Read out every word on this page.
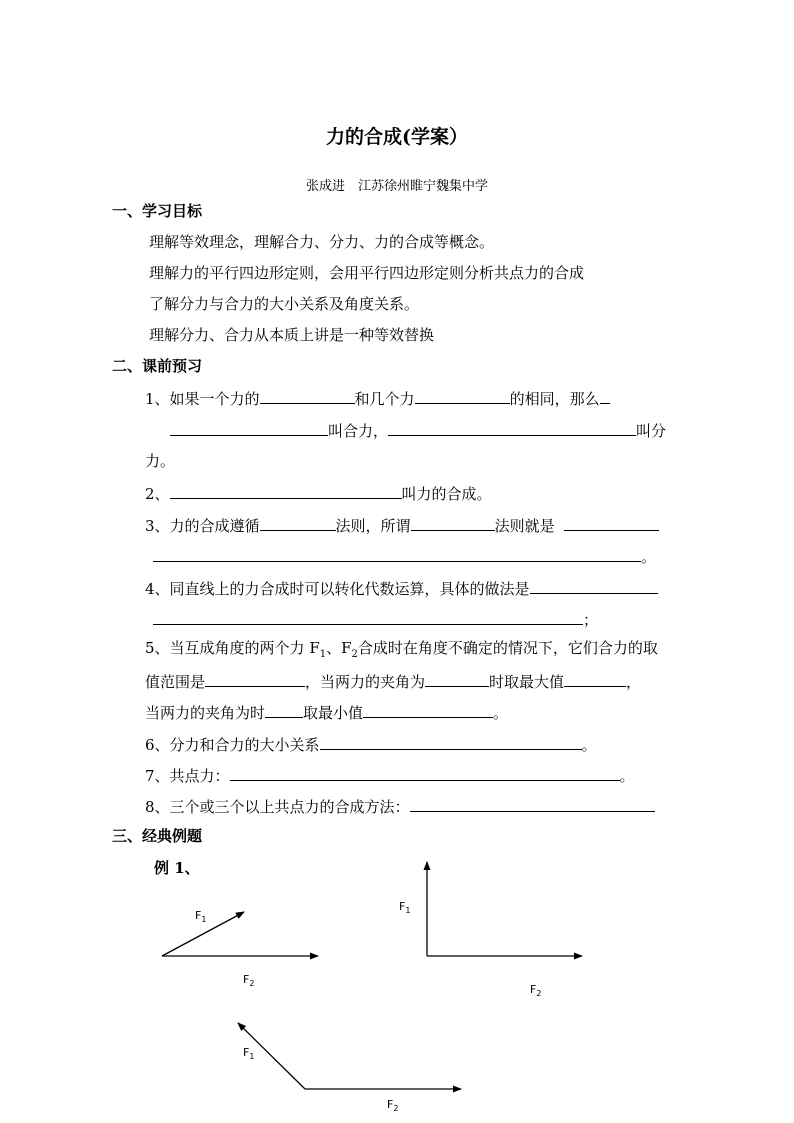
力的合成(学案）
张成进　江苏徐州睢宁魏集中学
一、学习目标
理解等效理念，理解合力、分力、力的合成等概念。
理解力的平行四边形定则，会用平行四边形定则分析共点力的合成
了解分力与合力的大小关系及角度关系。
理解分力、合力从本质上讲是一种等效替换
二、课前预习
1、如果一个力的	和几个力	的相同，那么
叫合力，	叫分
力。
2、	叫力的合成。
3、力的合成遵循	法则，所谓	法则就是
。
4、同直线上的力合成时可以转化代数运算，具体的做法是
；
5、当互成角度的两个力 $F_1$、$F_2$合成时在角度不确定的情况下，它们合力的取
值范围是	，当两力的夹角为	时取最大值	，
当两力的夹角为时	取最小值	。
6、分力和合力的大小关系	。
7、共点力：	。
8、三个或三个以上共点力的合成方法：
三、经典例题
例 1、
$F_1$
$F_2$
$F_1$
$F_2$
$F_1$
$F_2$
